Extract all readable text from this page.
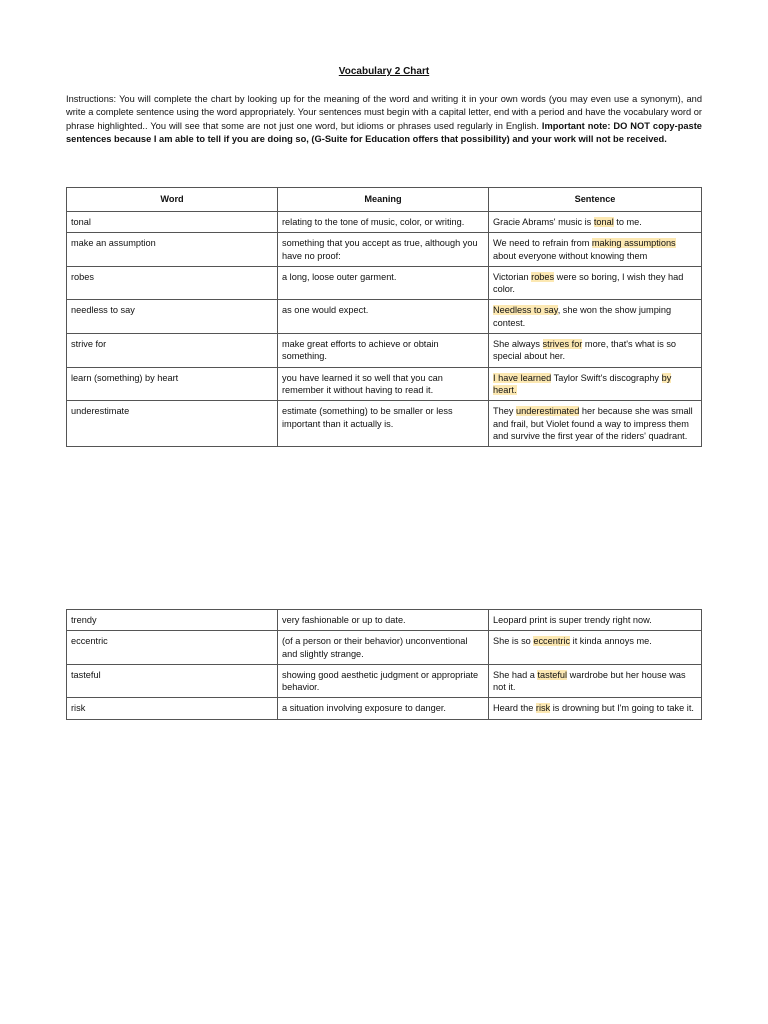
Vocabulary 2 Chart

Instructions: You will complete the chart by looking up for the meaning of the word and writing it in your own words (you may even use a synonym), and write a complete sentence using the word appropriately. Your sentences must begin with a capital letter, end with a period and have the vocabulary word or phrase highlighted.. You will see that some are not just one word, but idioms or phrases used regularly in English. Important note: DO NOT copy-paste sentences because I am able to tell if you are doing so, (G-Suite for Education offers that possibility) and your work will not be received.

Word	Meaning	Sentence
tonal	relating to the tone of music, color, or writing.	Gracie Abrams' music is tonal to me.
make an assumption	something that you accept as true, although you have no proof:	We need to refrain from making assumptions about everyone without knowing them
robes	a long, loose outer garment.	Victorian robes were so boring, I wish they had color.
needless to say	as one would expect.	Needless to say, she won the show jumping contest.
strive for	make great efforts to achieve or obtain something.	She always strives for more, that's what is so special about her.
learn (something) by heart	you have learned it so well that you can remember it without having to read it.	I have learned Taylor Swift's discography by heart.
underestimate	estimate (something) to be smaller or less important than it actually is.	They underestimated her because she was small and frail, but Violet found a way to impress them and survive the first year of the riders' quadrant.
trendy	very fashionable or up to date.	Leopard print is super trendy right now.
eccentric	(of a person or their behavior) unconventional and slightly strange.	She is so eccentric it kinda annoys me.
tasteful	showing good aesthetic judgment or appropriate behavior.	She had a tasteful wardrobe but her house was not it.
risk	a situation involving exposure to danger.	Heard the risk is drowning but I'm going to take it.
